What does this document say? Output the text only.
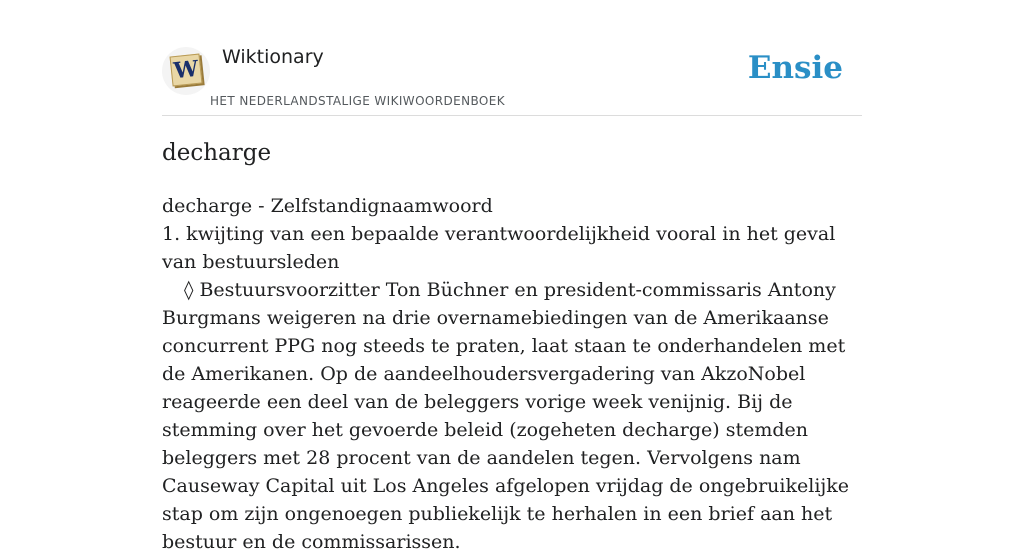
W Wiktionary
HET NEDERLANDSTALIGE WIKIWOORDENBOEK
Ensie
decharge

decharge - Zelfstandignaamwoord

1. kwijting van een bepaalde verantwoordelijkheid vooral in het geval van bestuursleden

◊ Bestuursvoorzitter Ton Büchner en president-commissaris Antony Burgmans weigeren na drie overnamebiedingen van de Amerikaanse concurrent PPG nog steeds te praten, laat staan te onderhandelen met de Amerikanen. Op de aandeelhoudersvergadering van AkzoNobel reageerde een deel van de beleggers vorige week venijnig. Bij de stemming over het gevoerde beleid (zogeheten decharge) stemden beleggers met 28 procent van de aandelen tegen. Vervolgens nam Causeway Capital uit Los Angeles afgelopen vrijdag de ongebruikelijke stap om zijn ongenoegen publiekelijk te herhalen in een brief aan het bestuur en de commissarissen.
